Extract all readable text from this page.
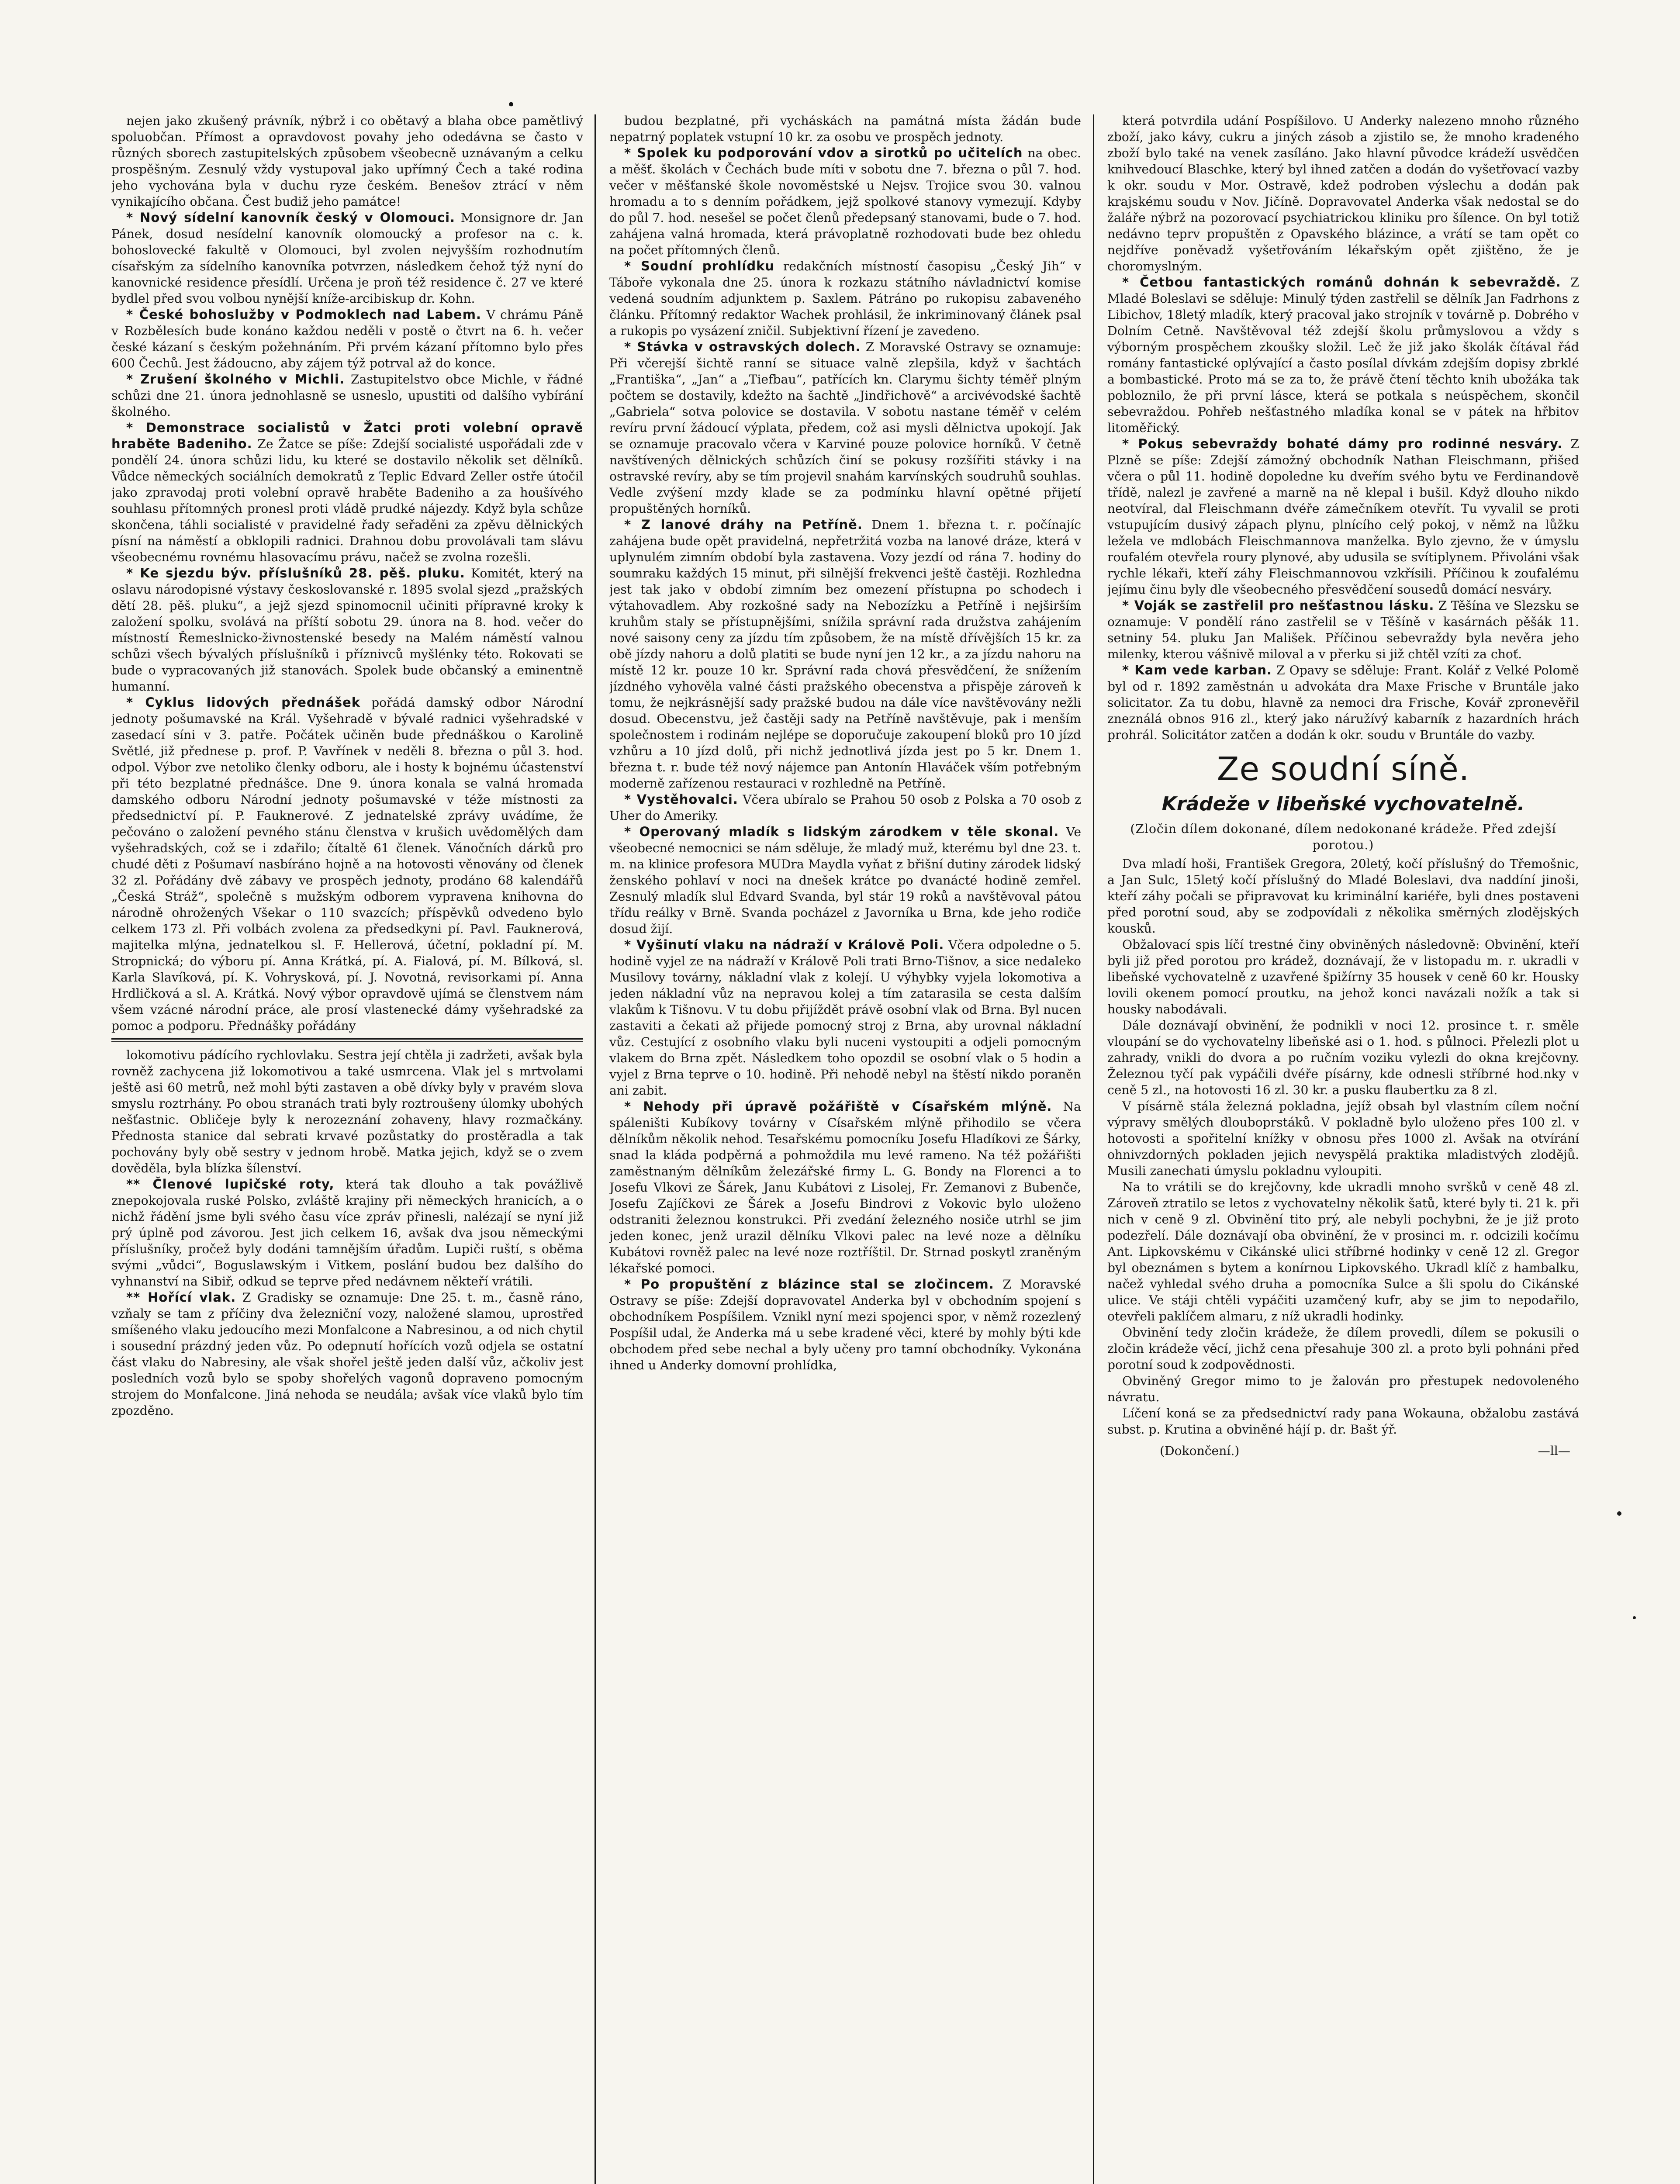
•
nejen jako zkušený právník, nýbrž i co obětavý a blaha obce pamětlivý spoluobčan. Přímost a opravdovost povahy jeho odedávna se často v různých sborech zastupitelských způsobem všeobecně uznávaným a celku prospěšným. Zesnulý vždy vystupoval jako upřímný Čech a také rodina jeho vychována byla v duchu ryze českém. Benešov ztrácí v něm vynikajícího občana. Čest budiž jeho památce!
* Nový sídelní kanovník český v Olomouci. Monsignore dr. Jan Pánek, dosud nesídelní kanovník olomoucký a profesor na c. k. bohoslovecké fakultě v Olomouci, byl zvolen nejvyšším rozhodnutím císařským za sídelního kanovníka potvrzen, následkem čehož týž nyní do kanovnické residence přesídlí. Určena je proň též residence č. 27 ve které bydlel před svou volbou nynější kníže-arcibiskup dr. Kohn.
* České bohoslužby v Podmoklech nad Labem. V chrámu Páně v Rozbělesích bude konáno každou neděli v postě o čtvrt na 6. h. večer české kázaní s českým požehnáním. Při prvém kázaní přítomno bylo přes 600 Čechů. Jest žádoucno, aby zájem týž potrval až do konce.
* Zrušení školného v Michli. Zastupitelstvo obce Michle, v řádné schůzi dne 21. února jednohlasně se usneslo, upustiti od dalšího vybírání školného.
* Demonstrace socialistů v Žatci proti volební opravě hraběte Badeniho. Ze Žatce se píše: Zdejší socialisté uspořádali zde v pondělí 24. února schůzi lidu, ku které se dostavilo několik set dělníků. Vůdce německých sociálních demokratů z Teplic Edvard Zeller ostře útočil jako zpravodaj proti volební opravě hraběte Badeniho a za houšívého souhlasu přítomných pronesl proti vládě prudké nájezdy. Když byla schůze skončena, táhli socialisté v pravidelné řady seřaděni za zpěvu dělnických písní na náměstí a obklopili radnici. Drahnou dobu provolávali tam slávu všeobecnému rovnému hlasovacímu právu, načež se zvolna rozešli.
* Ke sjezdu býv. příslušníků 28. pěš. pluku. Komitét, který na oslavu národopisné výstavy českoslovanské r. 1895 svolal sjezd „pražských dětí 28. pěš. pluku“, a jejž sjezd spinomocnil učiniti přípravné kroky k založení spolku, svolává na příští sobotu 29. února na 8. hod. večer do místností Řemeslnicko-živnostenské besedy na Malém náměstí valnou schůzi všech bývalých příslušníků i příznivců myšlénky této. Rokovati se bude o vypracovaných již stanovách. Spolek bude občanský a eminentně humanní.
* Cyklus lidových přednášek pořádá damský odbor Národní jednoty pošumavské na Král. Vyšehradě v bývalé radnici vyšehradské v zasedací síni v 3. patře. Počátek učiněn bude přednáškou o Karolině Světlé, již přednese p. prof. P. Vavřínek v neděli 8. března o půl 3. hod. odpol. Výbor zve netoliko členky odboru, ale i hosty k bojnému účastenství při této bezplatné přednášce. Dne 9. února konala se valná hromada damského odboru Národní jednoty pošumavské v téže místnosti za předsednictví pí. P. Fauknerové. Z jednatelské zprávy uvádíme, že pečováno o založení pevného stánu členstva v krušich uvědomělých dam vyšehradských, což se i zdařilo; čítaltě 61 členek. Vánočních dárků pro chudé děti z Pošumaví nasbíráno hojně a na hotovosti věnovány od členek 32 zl. Pořádány dvě zábavy ve prospěch jednoty, prodáno 68 kalendářů „Česká Stráž“, společně s mužským odborem vypravena knihovna do národně ohrožených Všekar o 110 svazcích; příspěvků odvedeno bylo celkem 173 zl. Při volbách zvolena za předsedkyni pí. Pavl. Fauknerová, majitelka mlýna, jednatelkou sl. F. Hellerová, účetní, pokladní pí. M. Stropnická; do výboru pí. Anna Krátká, pí. A. Fialová, pí. M. Bílková, sl. Karla Slavíková, pí. K. Vohrysková, pí. J. Novotná, revisorkami pí. Anna Hrdličková a sl. A. Krátká. Nový výbor opravdově ujímá se členstvem nám všem vzácné národní práce, ale prosí vlastenecké dámy vyšehradské za pomoc a podporu. Přednášky pořádány
lokomotivu pádícího rychlovlaku. Sestra její chtěla ji zadržeti, avšak byla rovněž zachycena již lokomotivou a také usmrcena. Vlak jel s mrtvolami ještě asi 60 metrů, než mohl býti zastaven a obě dívky byly v pravém slova smyslu roztrhány. Po obou stranách trati byly roztroušeny úlomky ubohých nešťastnic. Obličeje byly k nerozeznání zohaveny, hlavy rozmačkány. Přednosta stanice dal sebrati krvavé pozůstatky do prostěradla a tak pochovány byly obě sestry v jednom hrobě. Matka jejich, když se o zvem dověděla, byla blízka šílenství.
** Členové lupičské roty, která tak dlouho a tak povážlivě znepokojovala ruské Polsko, zvláště krajiny při německých hranicích, a o nichž řádění jsme byli svého času více zpráv přinesli, nalézají se nyní již prý úplně pod závorou. Jest jich celkem 16, avšak dva jsou německými příslušníky, pročež byly dodáni tamnějším úřadům. Lupiči ruští, s oběma svými „vůdci“, Boguslawským i Vitkem, poslání budou bez dalšího do vyhnanství na Sibiř, odkud se teprve před nedávnem někteří vrátili.
** Hořící vlak. Z Gradisky se oznamuje: Dne 25. t. m., časně ráno, vzňaly se tam z příčiny dva železniční vozy, naložené slamou, uprostřed smíšeného vlaku jedoucího mezi Monfalcone a Nabresinou, a od nich chytil i sousední prázdný jeden vůz. Po odepnutí hořících vozů odjela se ostatní část vlaku do Nabresiny, ale však shořel ještě jeden další vůz, ačkoliv jest posledních vozů bylo se spoby shořelých vagonů dopraveno pomocným strojem do Monfalcone. Jiná nehoda se neudála; avšak více vlaků bylo tím zpozděno.
budou bezplatné, při vycháskách na památná místa žádán bude nepatrný poplatek vstupní 10 kr. za osobu ve prospěch jednoty.
* Spolek ku podporování vdov a sirotků po učitelích na obec. a měšť. školách v Čechách bude míti v sobotu dne 7. března o půl 7. hod. večer v měšťanské škole novoměstské u Nejsv. Trojice svou 30. valnou hromadu a to s denním pořádkem, jejž spolkové stanovy vymezují. Kdyby do půl 7. hod. nesešel se počet členů předepsaný stanovami, bude o 7. hod. zahájena valná hromada, která právoplatně rozhodovati bude bez ohledu na počet přítomných členů.
* Soudní prohlídku redakčních místností časopisu „Český Jih“ v Táboře vykonala dne 25. února k rozkazu státního návladnictví komise vedená soudním adjunktem p. Saxlem. Pátráno po rukopisu zabaveného článku. Přítomný redaktor Wachek prohlásil, že inkriminovaný článek psal a rukopis po vysázení zničil. Subjektivní řízení je zavedeno.
* Stávka v ostravských dolech. Z Moravské Ostravy se oznamuje: Při včerejší šichtě ranní se situace valně zlepšila, když v šachtách „Františka“, „Jan“ a „Tiefbau“, patřících kn. Clarymu šichty téměř plným počtem se dostavily, kdežto na šachtě „Jindřichově“ a arcivévodské šachtě „Gabriela“ sotva polovice se dostavila. V sobotu nastane téměř v celém revíru první žádoucí výplata, předem, což asi mysli dělnictva upokojí. Jak se oznamuje pracovalo včera v Karviné pouze polovice horníků. V četně navštívených dělnických schůzích činí se pokusy rozšířiti stávky i na ostravské revíry, aby se tím projevil snahám karvínských soudruhů souhlas. Vedle zvýšení mzdy klade se za podmínku hlavní opětné přijetí propuštěných horníků.
* Z lanové dráhy na Petříně. Dnem 1. března t. r. počínajíc zahájena bude opět pravidelná, nepřetržitá vozba na lanové dráze, která v uplynulém zimním období byla zastavena. Vozy jezdí od rána 7. hodiny do soumraku každých 15 minut, při silnější frekvenci ještě častěji. Rozhledna jest tak jako v období zimním bez omezení přístupna po schodech i výtahovadlem. Aby rozkošné sady na Nebozízku a Petříně i nejširším kruhům staly se přístupnějšími, snížila správní rada družstva zahájením nové saisony ceny za jízdu tím způsobem, že na místě dřívějších 15 kr. za obě jízdy nahoru a dolů platiti se bude nyní jen 12 kr., a za jízdu nahoru na místě 12 kr. pouze 10 kr. Správní rada chová přesvědčení, že snížením jízdného vyhověla valné části pražského obecenstva a přispěje zároveň k tomu, že nejkrásnější sady pražské budou na dále více navštěvovány nežli dosud. Obecenstvu, jež častěji sady na Petříně navštěvuje, pak i menším společnostem i rodinám nejlépe se doporučuje zakoupení bloků pro 10 jízd vzhůru a 10 jízd dolů, při nichž jednotlivá jízda jest po 5 kr. Dnem 1. března t. r. bude též nový nájemce pan Antonín Hlaváček vším potřebným moderně zařízenou restauraci v rozhledně na Petříně.
* Vystěhovalci. Včera ubíralo se Prahou 50 osob z Polska a 70 osob z Uher do Ameriky.
* Operovaný mladík s lidským zárodkem v těle skonal. Ve všeobecné nemocnici se nám sděluje, že mladý muž, kterému byl dne 23. t. m. na klinice profesora MUDra Maydla vyňat z břišní dutiny zárodek lidský ženského pohlaví v noci na dnešek krátce po dvanácté hodině zemřel. Zesnulý mladík slul Edvard Svanda, byl stár 19 roků a navštěvoval pátou třídu reálky v Brně. Svanda pocházel z Javorníka u Brna, kde jeho rodiče dosud žijí.
* Vyšinutí vlaku na nádraží v Králově Poli. Včera odpoledne o 5. hodině vyjel ze na nádraží v Králově Poli trati Brno-Tišnov, a sice nedaleko Musilovy továrny, nákladní vlak z kolejí. U výhybky vyjela lokomotiva a jeden nákladní vůz na nepravou kolej a tím zatarasila se cesta dalším vlakům k Tišnovu. V tu dobu přijíždět právě osobní vlak od Brna. Byl nucen zastaviti a čekati až přijede pomocný stroj z Brna, aby urovnal nákladní vůz. Cestující z osobního vlaku byli nuceni vystoupiti a odjeli pomocným vlakem do Brna zpět. Následkem toho opozdil se osobní vlak o 5 hodin a vyjel z Brna teprve o 10. hodině. Při nehodě nebyl na štěstí nikdo poraněn ani zabit.
* Nehody při úpravě požářiště v Císařském mlýně. Na spáleništi Kubíkovy továrny v Císařském mlýně přihodilo se včera dělníkům několik nehod. Tesařskému pomocníku Josefu Hladíkovi ze Šárky, snad la kláda podpěrná a pohmoždila mu levé rameno. Na též požářišti zaměstnaným dělníkům železářské firmy L. G. Bondy na Florenci a to Josefu Vlkovi ze Šárek, Janu Kubátovi z Lisolej, Fr. Zemanovi z Bubenče, Josefu Zajíčkovi ze Šárek a Josefu Bindrovi z Vokovic bylo uloženo odstraniti železnou konstrukci. Při zvedání železného nosiče utrhl se jim jeden konec, jenž urazil dělníku Vlkovi palec na levé noze a dělníku Kubátovi rovněž palec na levé noze roztříštil. Dr. Strnad poskytl zraněným lékařské pomoci.
* Po propuštění z blázince stal se zločincem. Z Moravské Ostravy se píše: Zdejší dopravovatel Anderka byl v obchodním spojení s obchodníkem Pospíšilem. Vznikl nyní mezi spojenci spor, v němž rozezlený Pospíšil udal, že Anderka má u sebe kradené věci, které by mohly býti kde obchodem před sebe nechal a byly učeny pro tamní obchodníky. Vykonána ihned u Anderky domovní prohlídka,
která potvrdila udání Pospíšilovo. U Anderky nalezeno mnoho různého zboží, jako kávy, cukru a jiných zásob a zjistilo se, že mnoho kradeného zboží bylo také na venek zasíláno. Jako hlavní původce krádeží usvědčen knihvedoucí Blaschke, který byl ihned zatčen a dodán do vyšetřovací vazby k okr. soudu v Mor. Ostravě, kdež podroben výslechu a dodán pak krajskému soudu v Nov. Jičíně. Dopravovatel Anderka však nedostal se do žaláře nýbrž na pozorovací psychiatrickou kliniku pro šílence. On byl totiž nedávno teprv propuštěn z Opavského blázince, a vrátí se tam opět co nejdříve poněvadž vyšetřováním lékařským opět zjištěno, že je choromyslným.
* Četbou fantastických románů dohnán k sebevraždě. Z Mladé Boleslavi se sděluje: Minulý týden zastřelil se dělník Jan Fadrhons z Libichov, 18letý mladík, který pracoval jako strojník v továrně p. Dobrého v Dolním Cetně. Navštěvoval též zdejší školu průmyslovou a vždy s výborným prospěchem zkoušky složil. Leč že již jako školák čítával řád romány fantastické oplývající a často posílal dívkám zdejším dopisy zbrklé a bombastické. Proto má se za to, že právě čtení těchto knih ubožáka tak pobloznilo, že při první lásce, která se potkala s neúspěchem, skončil sebevraždou. Pohřeb nešťastného mladíka konal se v pátek na hřbitov litoměřický.
* Pokus sebevraždy bohaté dámy pro rodinné nesváry. Z Plzně se píše: Zdejší zámožný obchodník Nathan Fleischmann, přišed včera o půl 11. hodině dopoledne ku dveřím svého bytu ve Ferdinandově třídě, nalezl je zavřené a marně na ně klepal i bušil. Když dlouho nikdo neotvíral, dal Fleischmann dvéře zámečníkem otevřít. Tu vyvalil se proti vstupujícím dusivý zápach plynu, plnícího celý pokoj, v němž na lůžku ležela ve mdlobách Fleischmannova manželka. Bylo zjevno, že v úmyslu roufalém otevřela roury plynové, aby udusila se svítiplynem. Přivoláni však rychle lékaři, kteří záhy Fleischmannovou vzkřísili. Příčinou k zoufalému jejímu činu byly dle všeobecného přesvědčení sousedů domácí nesváry.
* Voják se zastřelil pro nešťastnou lásku. Z Těšína ve Slezsku se oznamuje: V pondělí ráno zastřelil se v Těšíně v kasárnách pěšák 11. setniny 54. pluku Jan Mališek. Příčinou sebevraždy byla nevěra jeho milenky, kterou vášnivě miloval a v přerku si již chtěl vzíti za choť.
* Kam vede karban. Z Opavy se sděluje: Frant. Kolář z Velké Polomě byl od r. 1892 zaměstnán u advokáta dra Maxe Frische v Bruntále jako solicitator. Za tu dobu, hlavně za nemoci dra Frische, Kovář zpronevěřil zneználá obnos 916 zl., který jako náružívý kabarník z hazardních hrách prohrál. Solicitátor zatčen a dodán k okr. soudu v Bruntále do vazby.
Ze soudní síně.
Krádeže v libeňské vychovatelně.
(Zločin dílem dokonané, dílem nedokonané krádeže. Před zdejší porotou.)
Dva mladí hoši, František Gregora, 20letý, kočí příslušný do Třemošnic, a Jan Sulc, 15letý kočí příslušný do Mladé Boleslavi, dva naddíní jinoši, kteří záhy počali se připravovat ku kriminální kariéře, byli dnes postaveni před porotní soud, aby se zodpovídali z několika směrných zlodějských kousků.
Obžalovací spis líčí trestné činy obviněných následovně: Obvinění, kteří byli již před porotou pro krádež, doznávají, že v listopadu m. r. ukradli v libeňské vychovatelně z uzavřené špižírny 35 housek v ceně 60 kr. Housky lovili okenem pomocí proutku, na jehož konci navázali nožík a tak si housky nabodávali.
Dále doznávají obvinění, že podnikli v noci 12. prosince t. r. směle vloupání se do vychovatelny libeňské asi o 1. hod. s půlnoci. Přelezli plot u zahrady, vnikli do dvora a po ručním voziku vylezli do okna krejčovny. Železnou tyčí pak vypáčili dvéře písárny, kde odnesli stříbrné hod.nky v ceně 5 zl., na hotovosti 16 zl. 30 kr. a pusku flaubertku za 8 zl.
V písárně stála železná pokladna, jejíž obsah byl vlastním cílem noční výpravy smělých dlouboprstáků. V pokladně bylo uloženo přes 100 zl. v hotovosti a spořitelní knížky v obnosu přes 1000 zl. Avšak na otvírání ohnivzdorných pokladen jejich nevyspělá praktika mladistvých zlodějů. Musili zanechati úmyslu pokladnu vyloupiti.
Na to vrátili se do krejčovny, kde ukradli mnoho svršků v ceně 48 zl. Zároveň ztratilo se letos z vychovatelny několik šatů, které byly ti. 21 k. při nich v ceně 9 zl. Obvinění tito prý, ale nebyli pochybni, že je již proto podezřelí. Dále doznávají oba obvinění, že v prosinci m. r. odcizili kočímu Ant. Lipkovskému v Cikánské ulici stříbrné hodinky v ceně 12 zl. Gregor byl obeznámen s bytem a konírnou Lipkovského. Ukradl klíč z hambalku, načež vyhledal svého druha a pomocníka Sulce a šli spolu do Cikánské ulice. Ve stáji chtěli vypáčiti uzamčený kufr, aby se jim to nepodařilo, otevřeli paklíčem almaru, z níž ukradli hodinky.
Obvinění tedy zločin krádeže, že dílem provedli, dílem se pokusili o zločin krádeže věcí, jichž cena přesahuje 300 zl. a proto byli pohnáni před porotní soud k zodpovědnosti.
Obviněný Gregor mimo to je žalován pro přestupek nedovoleného návratu.
Líčení koná se za předsednictví rady pana Wokauna, obžalobu zastává subst. p. Krutina a obviněné hájí p. dr. Bašt ýř.
(Dokončení.)	—ll—
